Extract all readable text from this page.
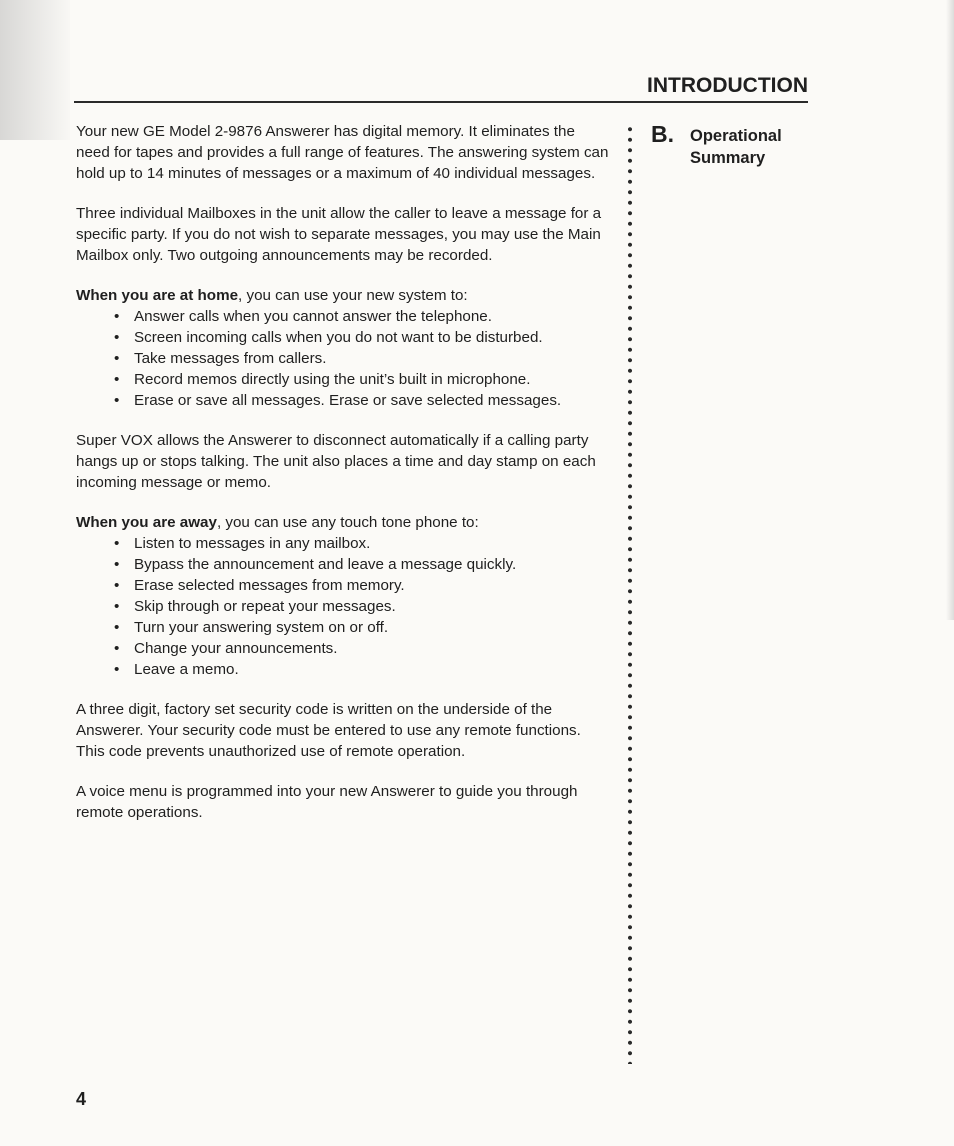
INTRODUCTION

Your new GE Model 2-9876 Answerer has digital memory. It eliminates the need for tapes and provides a full range of features. The answering system can hold up to 14 minutes of messages or a maximum of 40 individual messages.

Three individual Mailboxes in the unit allow the caller to leave a message for a specific party. If you do not wish to separate messages, you may use the Main Mailbox only. Two outgoing announcements may be recorded.

When you are at home, you can use your new system to:

• Answer calls when you cannot answer the telephone.
• Screen incoming calls when you do not want to be disturbed.
• Take messages from callers.
• Record memos directly using the unit’s built in microphone.
• Erase or save all messages. Erase or save selected messages.

Super VOX allows the Answerer to disconnect automatically if a calling party hangs up or stops talking. The unit also places a time and day stamp on each incoming message or memo.

When you are away, you can use any touch tone phone to:

• Listen to messages in any mailbox.
• Bypass the announcement and leave a message quickly.
• Erase selected messages from memory.
• Skip through or repeat your messages.
• Turn your answering system on or off.
• Change your announcements.
• Leave a memo.

A three digit, factory set security code is written on the underside of the Answerer. Your security code must be entered to use any remote functions. This code prevents unauthorized use of remote operation.

A voice menu is programmed into your new Answerer to guide you through remote operations.

B. Operational Summary
4
